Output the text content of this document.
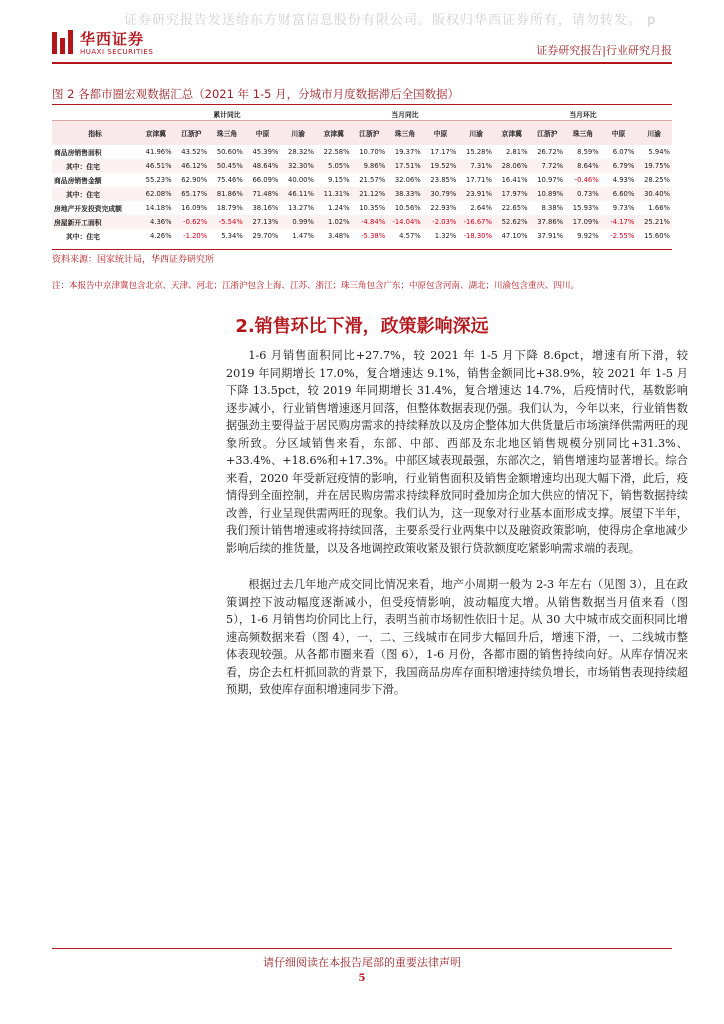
证券研究报告发送给东方财富信息股份有限公司。版权归华西证券所有，请勿转发。 p
华西证券
HUAXI SECURITIES	证券研究报告|行业研究月报
图 2 各都市圈宏观数据汇总（2021 年 1-5 月，分城市月度数据滞后全国数据）
	累计同比					当月同比					当月环比				
指标	京津冀	江浙沪	珠三角	中原	川渝	京津冀	江浙沪	珠三角	中原	川渝	京津冀	江浙沪	珠三角	中原	川渝
商品房销售面积	41.96%	43.52%	50.60%	45.39%	28.32%	22.58%	10.70%	19.37%	17.17%	15.28%	2.81%	26.72%	8.59%	6.07%	5.94%
其中：住宅	46.51%	46.12%	50.45%	48.64%	32.30%	5.05%	9.86%	17.51%	19.52%	7.31%	28.06%	7.72%	8.64%	6.79%	19.75%
商品房销售金额	55.23%	62.90%	75.46%	66.09%	40.00%	9.15%	21.57%	32.06%	23.85%	17.71%	16.41%	10.97%	-0.46%	4.93%	28.25%
其中：住宅	62.08%	65.17%	81.86%	71.48%	46.11%	11.31%	21.12%	38.33%	30.79%	23.91%	17.97%	10.89%	0.73%	6.60%	30.40%
房地产开发投资完成额	14.18%	16.09%	18.79%	38.16%	13.27%	1.24%	10.35%	10.56%	22.93%	2.64%	22.65%	8.38%	15.93%	9.73%	1.66%
房屋新开工面积	4.36%	-0.62%	-5.54%	27.13%	0.99%	1.02%	-4.84%	-14.04%	-2.03%	-16.67%	52.62%	37.86%	17.09%	-4.17%	25.21%
其中：住宅	4.26%	-1.20%	5.34%	29.70%	1.47%	3.48%	-5.38%	4.57%	1.32%	-18.30%	47.10%	37.91%	9.92%	-2.55%	15.60%
资料来源：国家统计局，华西证券研究所
注：本报告中京津冀包含北京、天津、河北；江浙沪包含上海、江苏、浙江；珠三角包含广东；中原包含河南、湖北；川渝包含重庆、四川。
2.销售环比下滑，政策影响深远

1-6 月销售面积同比+27.7%，较 2021 年 1-5 月下降 8.6pct，增速有所下滑，较 2019 年同期增长 17.0%，复合增速达 9.1%，销售金额同比+38.9%，较 2021 年 1-5 月下降 13.5pct，较 2019 年同期增长 31.4%，复合增速达 14.7%，后疫情时代，基数影响逐步减小，行业销售增速逐月回落，但整体数据表现仍强。我们认为，今年以来，行业销售数据强劲主要得益于居民购房需求的持续释放以及房企整体加大供货量后市场演绎供需两旺的现象所致。分区域销售来看，东部、中部、西部及东北地区销售规模分别同比+31.3%、+33.4%、+18.6%和+17.3%。中部区域表现最强，东部次之，销售增速均显著增长。综合来看，2020 年受新冠疫情的影响，行业销售面积及销售金额增速均出现大幅下滑，此后，疫情得到全面控制，并在居民购房需求持续释放同时叠加房企加大供应的情况下，销售数据持续改善，行业呈现供需两旺的现象。我们认为，这一现象对行业基本面形成支撑。展望下半年，我们预计销售增速或将持续回落，主要系受行业两集中以及融资政策影响，使得房企拿地减少影响后续的推货量，以及各地调控政策收紧及银行贷款额度吃紧影响需求端的表现。

根据过去几年地产成交同比情况来看，地产小周期一般为 2-3 年左右（见图 3），且在政策调控下波动幅度逐渐减小，但受疫情影响，波动幅度大增。从销售数据当月值来看（图 5），1-6 月销售均价同比上行，表明当前市场韧性依旧十足。从 30 大中城市成交面积同比增速高频数据来看（图 4），一、二、三线城市在同步大幅回升后，增速下滑，一、二线城市整体表现较强。从各都市圈来看（图 6），1-6 月份，各都市圈的销售持续向好。从库存情况来看，房企去杠杆抓回款的背景下，我国商品房库存面积增速持续负增长，市场销售表现持续超预期，致使库存面积增速同步下滑。

请仔细阅读在本报告尾部的重要法律声明
5
